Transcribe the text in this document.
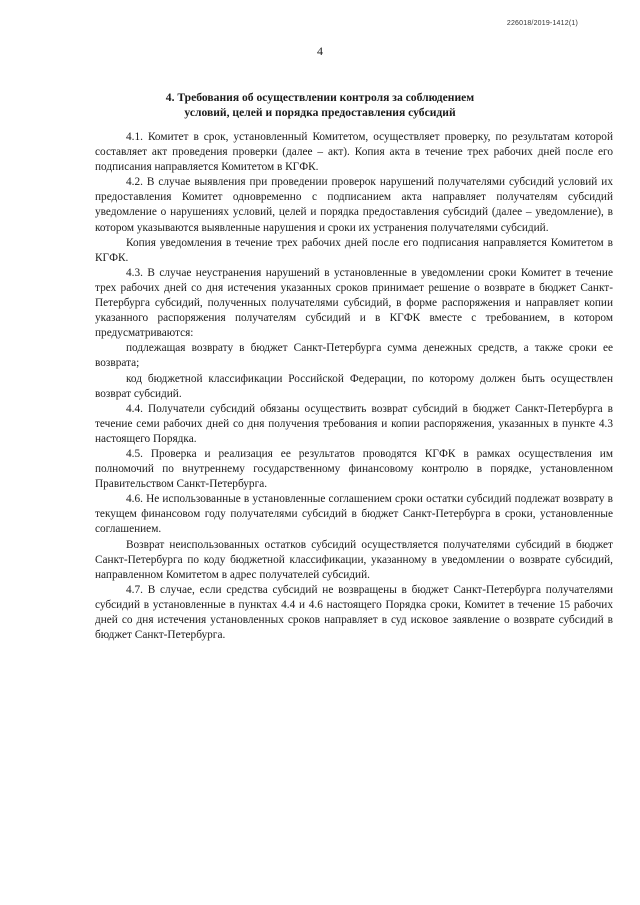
226018/2019-1412(1)
4
4. Требования об осуществлении контроля за соблюдением
условий, целей и порядка предоставления субсидий

4.1. Комитет в срок, установленный Комитетом, осуществляет проверку, по результатам которой составляет акт проведения проверки (далее – акт). Копия акта в течение трех рабочих дней после его подписания направляется Комитетом в КГФК.

4.2. В случае выявления при проведении проверок нарушений получателями субсидий условий их предоставления Комитет одновременно с подписанием акта направляет получателям субсидий уведомление о нарушениях условий, целей и порядка предоставления субсидий (далее – уведомление), в котором указываются выявленные нарушения и сроки их устранения получателями субсидий.

Копия уведомления в течение трех рабочих дней после его подписания направляется Комитетом в КГФК.

4.3. В случае неустранения нарушений в установленные в уведомлении сроки Комитет в течение трех рабочих дней со дня истечения указанных сроков принимает решение о возврате в бюджет Санкт-Петербурга субсидий, полученных получателями субсидий, в форме распоряжения и направляет копии указанного распоряжения получателям субсидий и в КГФК вместе с требованием, в котором предусматриваются:

подлежащая возврату в бюджет Санкт-Петербурга сумма денежных средств, а также сроки ее возврата;

код бюджетной классификации Российской Федерации, по которому должен быть осуществлен возврат субсидий.

4.4. Получатели субсидий обязаны осуществить возврат субсидий в бюджет Санкт-Петербурга в течение семи рабочих дней со дня получения требования и копии распоряжения, указанных в пункте 4.3 настоящего Порядка.

4.5. Проверка и реализация ее результатов проводятся КГФК в рамках осуществления им полномочий по внутреннему государственному финансовому контролю в порядке, установленном Правительством Санкт-Петербурга.

4.6. Не использованные в установленные соглашением сроки остатки субсидий подлежат возврату в текущем финансовом году получателями субсидий в бюджет Санкт-Петербурга в сроки, установленные соглашением.

Возврат неиспользованных остатков субсидий осуществляется получателями субсидий в бюджет Санкт-Петербурга по коду бюджетной классификации, указанному в уведомлении о возврате субсидий, направленном Комитетом в адрес получателей субсидий.

4.7. В случае, если средства субсидий не возвращены в бюджет Санкт-Петербурга получателями субсидий в установленные в пунктах 4.4 и 4.6 настоящего Порядка сроки, Комитет в течение 15 рабочих дней со дня истечения установленных сроков направляет в суд исковое заявление о возврате субсидий в бюджет Санкт-Петербурга.
